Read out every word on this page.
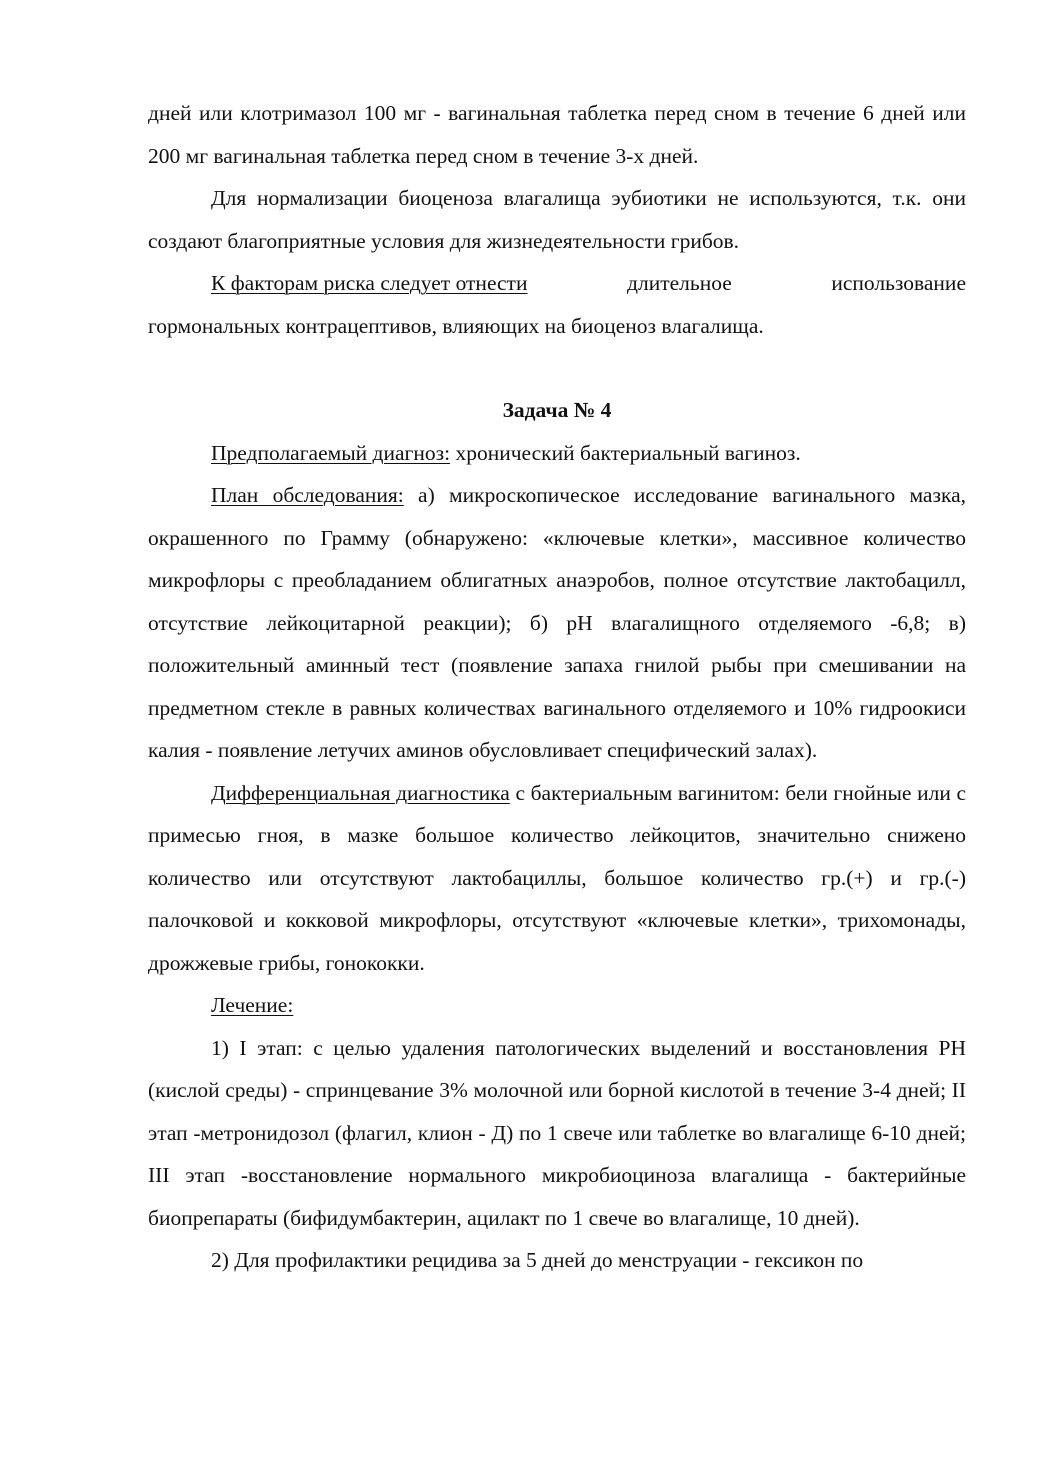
дней или клотримазол 100 мг - вагинальная таблетка перед сном в течение 6 дней или 200 мг вагинальная таблетка перед сном в течение 3-х дней.

Для нормализации биоценоза влагалища эубиотики не используются, т.к. они создают благоприятные условия для жизнедеятельности грибов.

К факторам риска следует отнести	длительное	использование

гормональных контрацептивов, влияющих на биоценоз влагалища.

Задача № 4

Предполагаемый диагноз: хронический бактериальный вагиноз.

План обследования: а) микроскопическое исследование вагинального мазка, окрашенного по Грамму (обнаружено: «ключевые клетки», массивное количество микрофлоры с преобладанием облигатных анаэробов, полное отсутствие лактобацилл, отсутствие лейкоцитарной реакции); б) pH влагалищного отделяемого -6,8; в) положительный аминный тест (появление запаха гнилой рыбы при смешивании на предметном стекле в равных количествах вагинального отделяемого и 10% гидроокиси калия - появление летучих аминов обусловливает специфический залах).

Дифференциальная диагностика с бактериальным вагинитом: бели гнойные или с примесью гноя, в мазке большое количество лейкоцитов, значительно снижено количество или отсутствуют лактобациллы, большое количество гр.(+) и гр.(-) палочковой и кокковой микрофлоры, отсутствуют «ключевые клетки», трихомонады, дрожжевые грибы, гонококки.

Лечение:

1) I этап: с целью удаления патологических выделений и восстановления РН (кислой среды) - спринцевание 3% молочной или борной кислотой в течение 3-4 дней; II этап -метронидозол (флагил, клион - Д) по 1 свече или таблетке во влагалище 6-10 дней; III этап -восстановление нормального микробиоциноза влагалища - бактерийные биопрепараты (бифидумбактерин, ацилакт по 1 свече во влагалище, 10 дней).

2) Для профилактики рецидива за 5 дней до менструации - гексикон по
